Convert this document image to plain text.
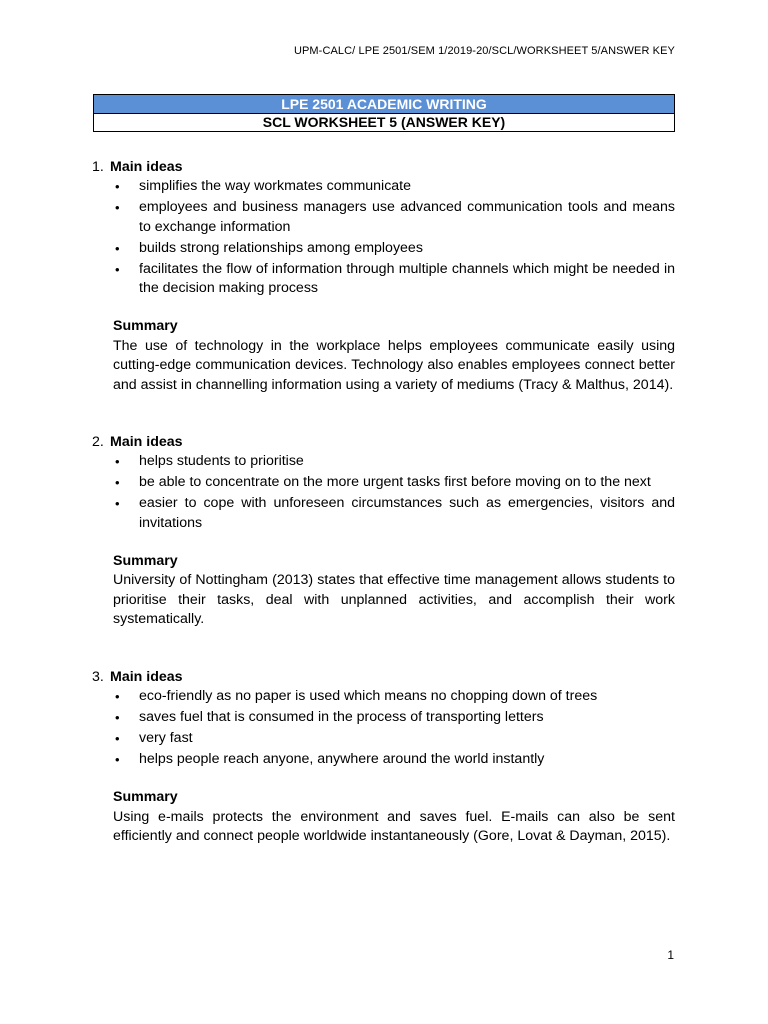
UPM-CALC/ LPE 2501/SEM 1/2019-20/SCL/WORKSHEET 5/ANSWER KEY
LPE 2501 ACADEMIC WRITING
SCL WORKSHEET 5 (ANSWER KEY)
1. Main ideas
• simplifies the way workmates communicate
• employees and business managers use advanced communication tools and means to exchange information
• builds strong relationships among employees
• facilitates the flow of information through multiple channels which might be needed in the decision making process
Summary
The use of technology in the workplace helps employees communicate easily using cutting-edge communication devices. Technology also enables employees connect better and assist in channelling information using a variety of mediums (Tracy & Malthus, 2014).
2. Main ideas
• helps students to prioritise
• be able to concentrate on the more urgent tasks first before moving on to the next
• easier to cope with unforeseen circumstances such as emergencies, visitors and invitations
Summary
University of Nottingham (2013) states that effective time management allows students to prioritise their tasks, deal with unplanned activities, and accomplish their work systematically.
3. Main ideas
• eco-friendly as no paper is used which means no chopping down of trees
• saves fuel that is consumed in the process of transporting letters
• very fast
• helps people reach anyone, anywhere around the world instantly
Summary
Using e-mails protects the environment and saves fuel. E-mails can also be sent efficiently and connect people worldwide instantaneously (Gore, Lovat & Dayman, 2015).
1
